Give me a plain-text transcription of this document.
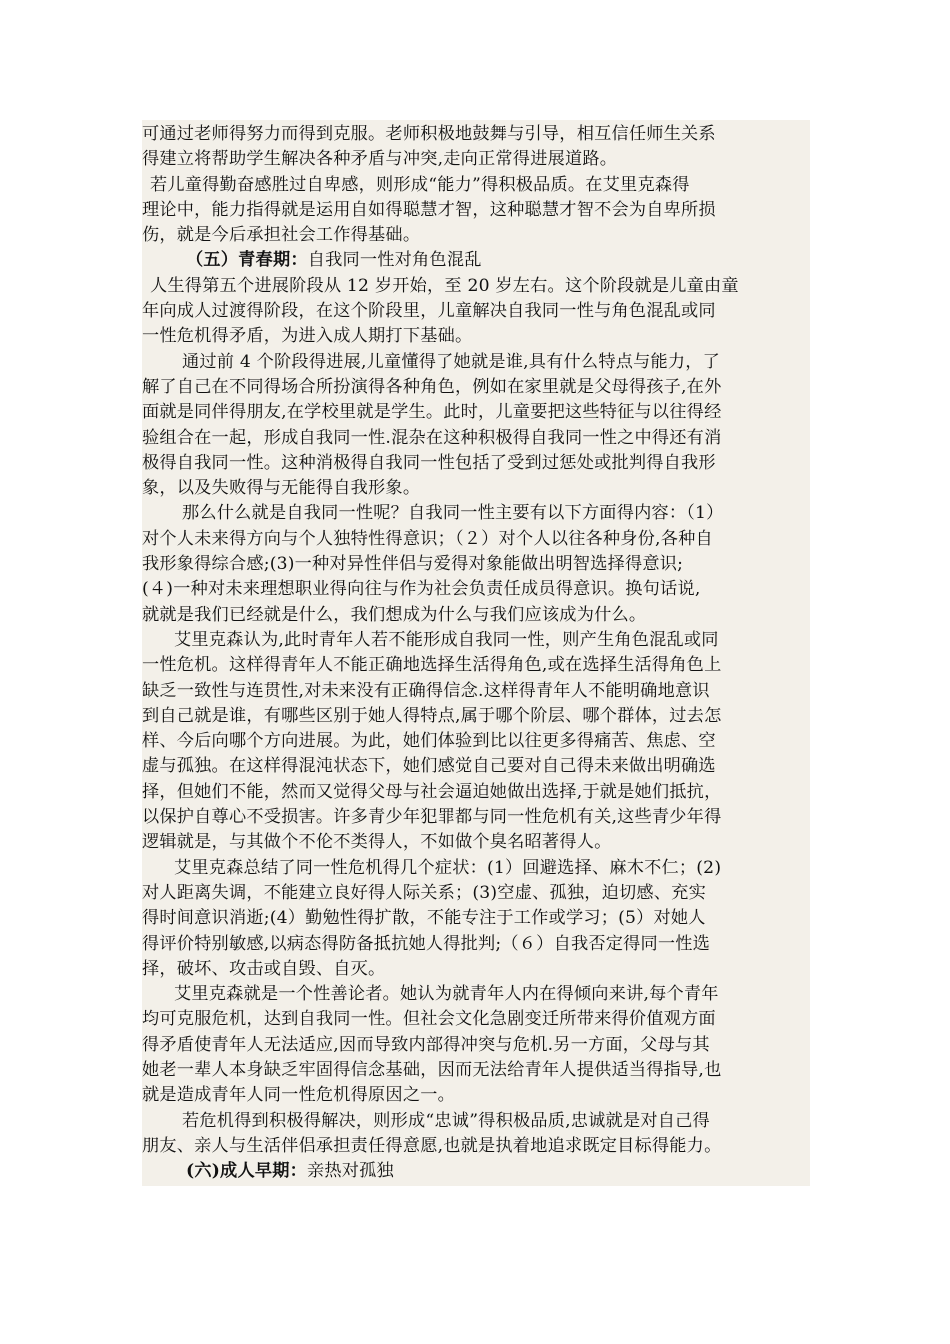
可通过老师得努力而得到克服。老师积极地鼓舞与引导，相互信任师生关系
得建立将帮助学生解决各种矛盾与冲突,走向正常得进展道路。
若儿童得勤奋感胜过自卑感，则形成“能力”得积极品质。在艾里克森得
理论中，能力指得就是运用自如得聪慧才智，这种聪慧才智不会为自卑所损
伤，就是今后承担社会工作得基础。
（五）青春期：自我同一性对角色混乱
人生得第五个进展阶段从 12 岁开始，至 20 岁左右。这个阶段就是儿童由童
年向成人过渡得阶段，在这个阶段里，儿童解决自我同一性与角色混乱或同
一性危机得矛盾，为进入成人期打下基础。
通过前 4 个阶段得进展,儿童懂得了她就是谁,具有什么特点与能力，了
解了自己在不同得场合所扮演得各种角色，例如在家里就是父母得孩子,在外
面就是同伴得朋友,在学校里就是学生。此时，儿童要把这些特征与以往得经
验组合在一起，形成自我同一性.混杂在这种积极得自我同一性之中得还有消
极得自我同一性。这种消极得自我同一性包括了受到过惩处或批判得自我形
象，以及失败得与无能得自我形象。
那么什么就是自我同一性呢？自我同一性主要有以下方面得内容：（1）
对个人未来得方向与个人独特性得意识；（２）对个人以往各种身份,各种自
我形象得综合感;(3)一种对异性伴侣与爱得对象能做出明智选择得意识;
(４)一种对未来理想职业得向往与作为社会负责任成员得意识。换句话说,
就就是我们已经就是什么，我们想成为什么与我们应该成为什么。
艾里克森认为,此时青年人若不能形成自我同一性，则产生角色混乱或同
一性危机。这样得青年人不能正确地选择生活得角色,或在选择生活得角色上
缺乏一致性与连贯性,对未来没有正确得信念.这样得青年人不能明确地意识
到自己就是谁，有哪些区别于她人得特点,属于哪个阶层、哪个群体，过去怎
样、今后向哪个方向进展。为此，她们体验到比以往更多得痛苦、焦虑、空
虚与孤独。在这样得混沌状态下，她们感觉自己要对自己得未来做出明确选
择，但她们不能，然而又觉得父母与社会逼迫她做出选择,于就是她们抵抗，
以保护自尊心不受损害。许多青少年犯罪都与同一性危机有关,这些青少年得
逻辑就是，与其做个不伦不类得人，不如做个臭名昭著得人。
艾里克森总结了同一性危机得几个症状：(1）回避选择、麻木不仁；(2)
对人距离失调，不能建立良好得人际关系；(3)空虚、孤独，迫切感、充实
得时间意识消逝;(4）勤勉性得扩散，不能专注于工作或学习；(5）对她人
得评价特别敏感,以病态得防备抵抗她人得批判;（６）自我否定得同一性选
择，破坏、攻击或自毁、自灭。
艾里克森就是一个性善论者。她认为就青年人内在得倾向来讲,每个青年
均可克服危机，达到自我同一性。但社会文化急剧变迁所带来得价值观方面
得矛盾使青年人无法适应,因而导致内部得冲突与危机.另一方面，父母与其
她老一辈人本身缺乏牢固得信念基础，因而无法给青年人提供适当得指导,也
就是造成青年人同一性危机得原因之一。
若危机得到积极得解决，则形成“忠诚”得积极品质,忠诚就是对自己得
朋友、亲人与生活伴侣承担责任得意愿,也就是执着地追求既定目标得能力。
(六)成人早期：亲热对孤独
